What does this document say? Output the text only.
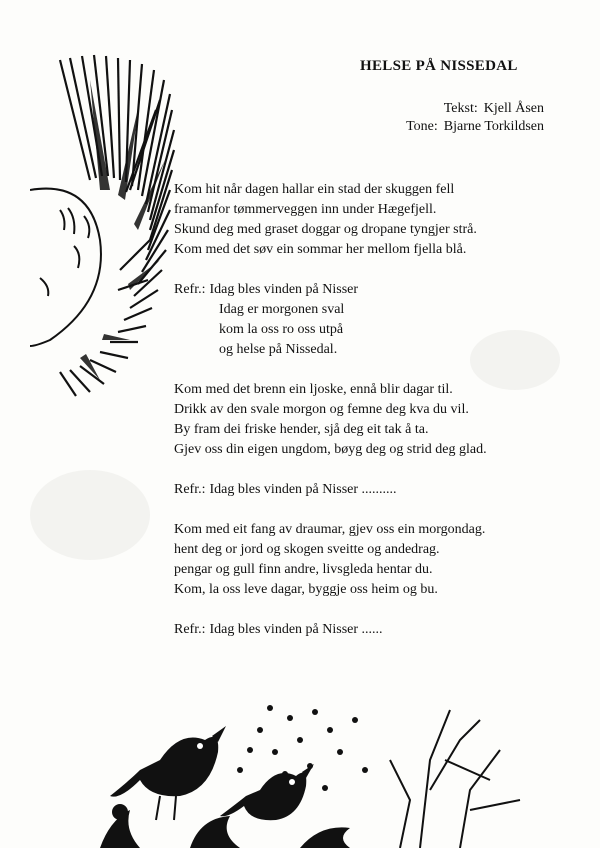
HELSE PÅ NISSEDAL
Tekst: Kjell Åsen
Tone: Bjarne Torkildsen
Kom hit når dagen hallar ein stad der skuggen fell
framanfor tømmerveggen inn under Hægefjell.
Skund deg med graset doggar og dropane tyngjer strå.
Kom med det søv ein sommar her mellom fjella blå.
Refr.: Idag bles vinden på Nisser
Idag er morgonen sval
kom la oss ro oss utpå
og helse på Nissedal.
Kom med det brenn ein ljoske, ennå blir dagar til.
Drikk av den svale morgon og femne deg kva du vil.
By fram dei friske hender, sjå deg eit tak å ta.
Gjev oss din eigen ungdom, bøyg deg og strid deg glad.
Refr.: Idag bles vinden på Nisser ..........
Kom med eit fang av draumar, gjev oss ein morgondag.
hent deg or jord og skogen sveitte og andedrag.
pengar og gull finn andre, livsgleda hentar du.
Kom, la oss leve dagar, byggje oss heim og bu.
Refr.: Idag bles vinden på Nisser ......
